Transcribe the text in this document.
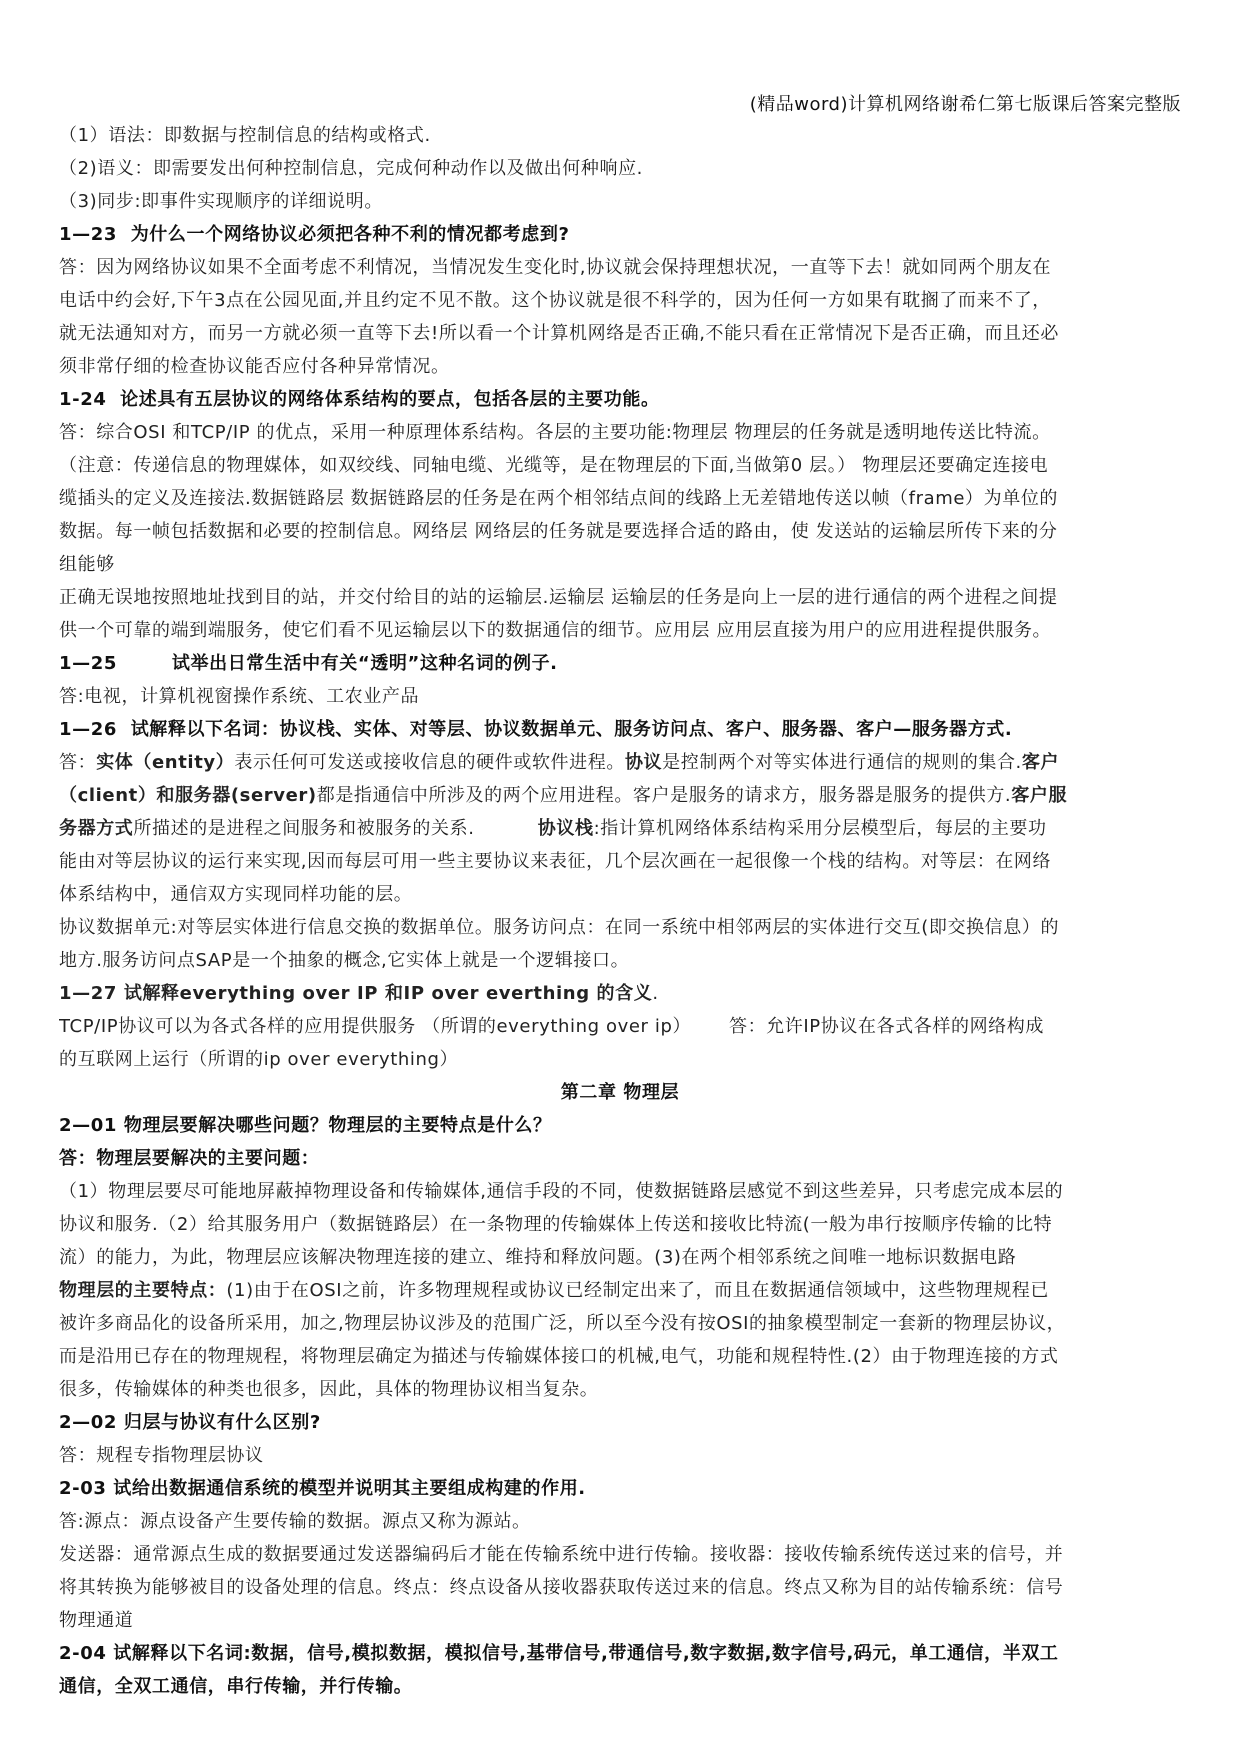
(精品word)计算机网络谢希仁第七版课后答案完整版
（1）语法：即数据与控制信息的结构或格式.
（2)语义：即需要发出何种控制信息，完成何种动作以及做出何种响应.
（3)同步:即事件实现顺序的详细说明。
1—23  为什么一个网络协议必须把各种不利的情况都考虑到?
答：因为网络协议如果不全面考虑不利情况，当情况发生变化时,协议就会保持理想状况，一直等下去！就如同两个朋友在
电话中约会好,下午3点在公园见面,并且约定不见不散。这个协议就是很不科学的，因为任何一方如果有耽搁了而来不了，
就无法通知对方，而另一方就必须一直等下去!所以看一个计算机网络是否正确,不能只看在正常情况下是否正确，而且还必
须非常仔细的检查协议能否应付各种异常情况。
1-24  论述具有五层协议的网络体系结构的要点，包括各层的主要功能。
答：综合OSI 和TCP/IP 的优点，采用一种原理体系结构。各层的主要功能:物理层 物理层的任务就是透明地传送比特流。
（注意：传递信息的物理媒体，如双绞线、同轴电缆、光缆等，是在物理层的下面,当做第0 层。） 物理层还要确定连接电
缆插头的定义及连接法.数据链路层 数据链路层的任务是在两个相邻结点间的线路上无差错地传送以帧（frame）为单位的
数据。每一帧包括数据和必要的控制信息。网络层 网络层的任务就是要选择合适的路由，使 发送站的运输层所传下来的分
组能够
正确无误地按照地址找到目的站，并交付给目的站的运输层.运输层 运输层的任务是向上一层的进行通信的两个进程之间提
供一个可靠的端到端服务，使它们看不见运输层以下的数据通信的细节。应用层 应用层直接为用户的应用进程提供服务。
1—25        试举出日常生活中有关“透明”这种名词的例子.
答:电视，计算机视窗操作系统、工农业产品
1—26  试解释以下名词：协议栈、实体、对等层、协议数据单元、服务访问点、客户、服务器、客户—服务器方式.
答：实体（entity）表示任何可发送或接收信息的硬件或软件进程。协议是控制两个对等实体进行通信的规则的集合.客户
（client）和服务器(server)都是指通信中所涉及的两个应用进程。客户是服务的请求方，服务器是服务的提供方.客户服
务器方式所描述的是进程之间服务和被服务的关系.          协议栈:指计算机网络体系结构采用分层模型后，每层的主要功
能由对等层协议的运行来实现,因而每层可用一些主要协议来表征，几个层次画在一起很像一个栈的结构。对等层：在网络
体系结构中，通信双方实现同样功能的层。
协议数据单元:对等层实体进行信息交换的数据单位。服务访问点：在同一系统中相邻两层的实体进行交互(即交换信息）的
地方.服务访问点SAP是一个抽象的概念,它实体上就是一个逻辑接口。
1—27 试解释everything over IP 和IP over everthing 的含义.
TCP/IP协议可以为各式各样的应用提供服务 （所谓的everything over ip）      答：允许IP协议在各式各样的网络构成
的互联网上运行（所谓的ip over everything）
第二章 物理层
2—01 物理层要解决哪些问题？物理层的主要特点是什么？
答：物理层要解决的主要问题：
（1）物理层要尽可能地屏蔽掉物理设备和传输媒体,通信手段的不同，使数据链路层感觉不到这些差异，只考虑完成本层的
协议和服务.（2）给其服务用户（数据链路层）在一条物理的传输媒体上传送和接收比特流(一般为串行按顺序传输的比特
流）的能力，为此，物理层应该解决物理连接的建立、维持和释放问题。(3)在两个相邻系统之间唯一地标识数据电路
物理层的主要特点：(1)由于在OSI之前，许多物理规程或协议已经制定出来了，而且在数据通信领域中，这些物理规程已
被许多商品化的设备所采用，加之,物理层协议涉及的范围广泛，所以至今没有按OSI的抽象模型制定一套新的物理层协议，
而是沿用已存在的物理规程，将物理层确定为描述与传输媒体接口的机械,电气，功能和规程特性.(2）由于物理连接的方式
很多，传输媒体的种类也很多，因此，具体的物理协议相当复杂。
2—02 归层与协议有什么区别?
答：规程专指物理层协议
2-03 试给出数据通信系统的模型并说明其主要组成构建的作用.
答:源点：源点设备产生要传输的数据。源点又称为源站。
发送器：通常源点生成的数据要通过发送器编码后才能在传输系统中进行传输。接收器：接收传输系统传送过来的信号，并
将其转换为能够被目的设备处理的信息。终点：终点设备从接收器获取传送过来的信息。终点又称为目的站传输系统：信号
物理通道
2-04 试解释以下名词:数据，信号,模拟数据，模拟信号,基带信号,带通信号,数字数据,数字信号,码元，单工通信，半双工
通信，全双工通信，串行传输，并行传输。
